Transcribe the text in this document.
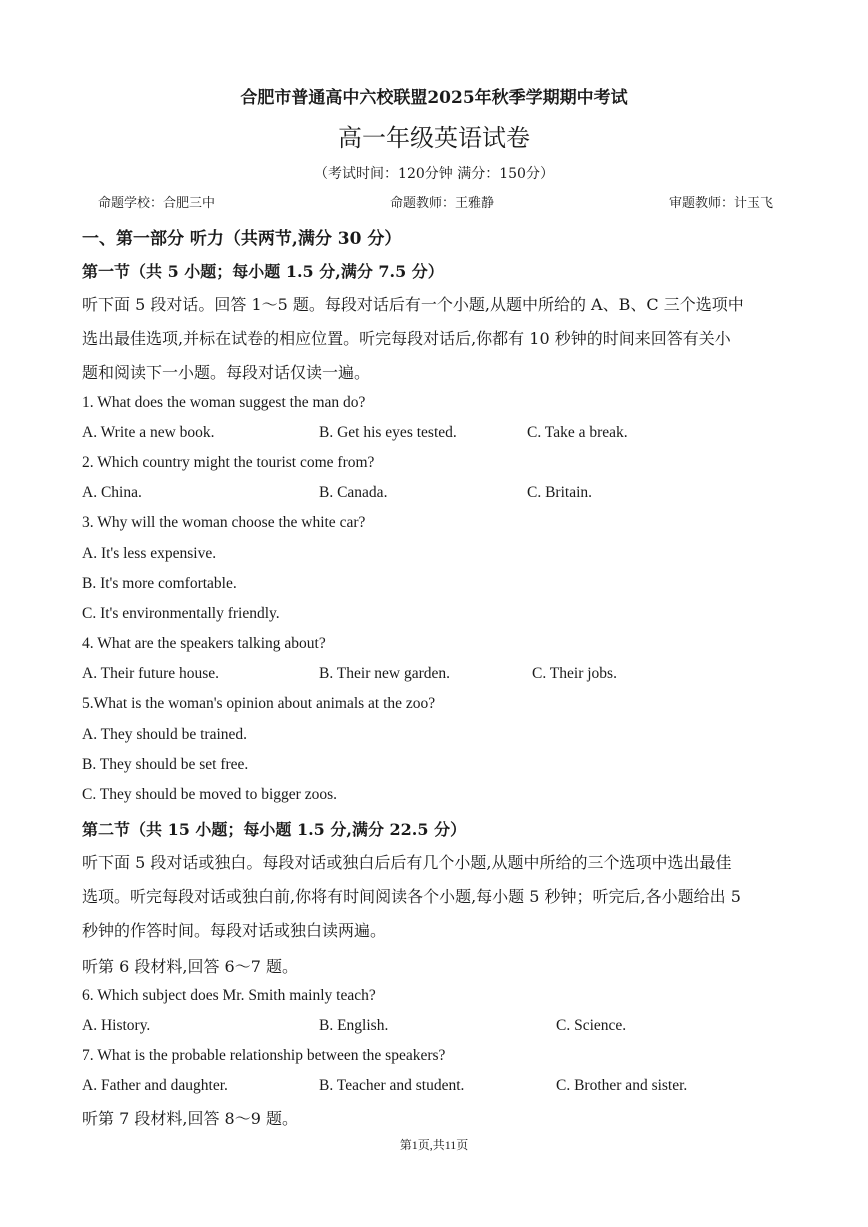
合肥市普通高中六校联盟2025年秋季学期期中考试
高一年级英语试卷
（考试时间：120分钟 满分：150分）
命题学校：合肥三中	命题教师：王雅静	审题教师：计玉飞
一、第一部分 听力（共两节,满分 30 分）
第一节（共 5 小题；每小题 1.5 分,满分 7.5 分）
听下面 5 段对话。回答 1～5 题。每段对话后有一个小题,从题中所给的 A、B、C 三个选项中
选出最佳选项,并标在试卷的相应位置。听完每段对话后,你都有 10 秒钟的时间来回答有关小
题和阅读下一小题。每段对话仅读一遍。
1. What does the woman suggest the man do?
A. Write a new book.	B. Get his eyes tested.	C. Take a break.
2. Which country might the tourist come from?
A. China.	B. Canada.	C. Britain.
3. Why will the woman choose the white car?
A. It's less expensive.
B. It's more comfortable.
C. It's environmentally friendly.
4. What are the speakers talking about?
A. Their future house.	B. Their new garden.	C. Their jobs.
5.What is the woman's opinion about animals at the zoo?
A. They should be trained.
B. They should be set free.
C. They should be moved to bigger zoos.
第二节（共 15 小题；每小题 1.5 分,满分 22.5 分）
听下面 5 段对话或独白。每段对话或独白后后有几个小题,从题中所给的三个选项中选出最佳
选项。听完每段对话或独白前,你将有时间阅读各个小题,每小题 5 秒钟；听完后,各小题给出 5
秒钟的作答时间。每段对话或独白读两遍。
听第 6 段材料,回答 6～7 题。
6. Which subject does Mr. Smith mainly teach?
A. History.	B. English.	C. Science.
7. What is the probable relationship between the speakers?
A. Father and daughter.	B. Teacher and student.	C. Brother and sister.
听第 7 段材料,回答 8～9 题。
第1页,共11页
